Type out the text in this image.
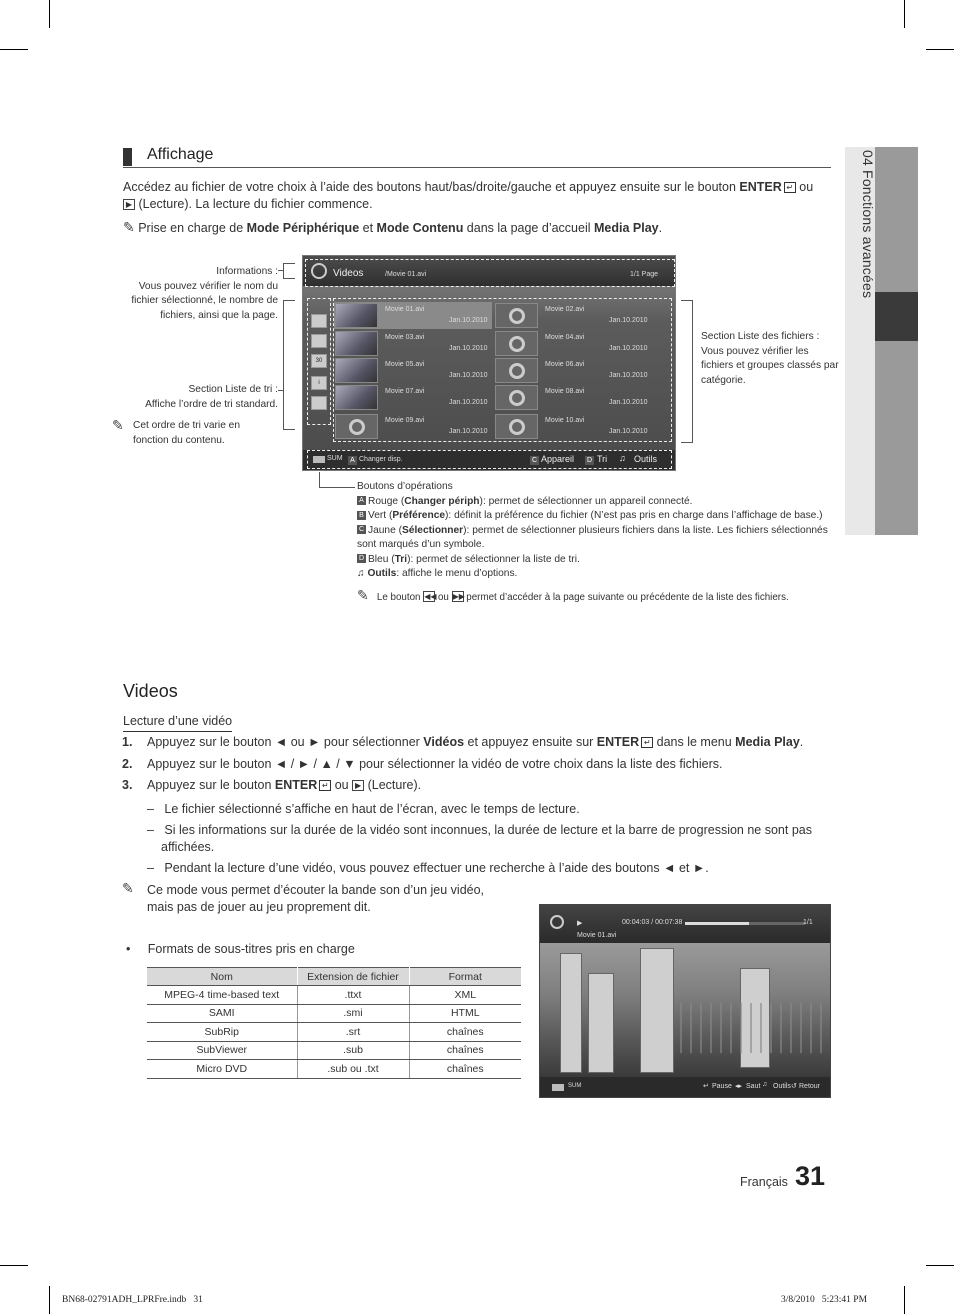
04 Fonctions avancées
Affichage
Accédez au fichier de votre choix à l’aide des boutons haut/bas/droite/gauche et appuyez ensuite sur le bouton ENTER ↵ ou
▶ (Lecture). La lecture du fichier commence.
✎ Prise en charge de Mode Périphérique et Mode Contenu dans la page d’accueil Media Play.
Informations :
Vous pouvez vérifier le nom du
fichier sélectionné, le nombre de
fichiers, ainsi que la page.
Section Liste de tri :
Affiche l’ordre de tri standard.
✎ Cet ordre de tri varie en
fonction du contenu.
Section Liste des fichiers :
Vous pouvez vérifier les
fichiers et groupes classés par
catégorie.
Videos	/Movie 01.avi	1/1 Page
30
i
Movie 01.avi
Jan.10.2010
Movie 03.avi
Jan.10.2010
Movie 05.avi
Jan.10.2010
Movie 07.avi
Jan.10.2010
Movie 09.avi
Jan.10.2010
Movie 02.avi
Jan.10.2010
Movie 04.avi
Jan.10.2010
Movie 06.avi
Jan.10.2010
Movie 08.avi
Jan.10.2010
Movie 10.avi
Jan.10.2010
SUM	A Changer disp.	C Appareil D Tri ♫ Outils
Boutons d’opérations
A Rouge (Changer périph): permet de sélectionner un appareil connecté.
B Vert (Préférence): définit la préférence du fichier (N’est pas pris en charge dans l’affichage de base.)
C Jaune (Sélectionner): permet de sélectionner plusieurs fichiers dans la liste. Les fichiers sélectionnés
sont marqués d’un symbole.
D Bleu (Tri): permet de sélectionner la liste de tri.
♫ Outils: affiche le menu d’options.
✎ Le bouton ◀◀ ou ▶▶ permet d’accéder à la page suivante ou précédente de la liste des fichiers.
Videos
Lecture d’une vidéo
1. Appuyez sur le bouton ◄ ou ► pour sélectionner Vidéos et appuyez ensuite sur ENTER ↵ dans le menu Media Play.
2. Appuyez sur le bouton ◄ / ► / ▲ / ▼ pour sélectionner la vidéo de votre choix dans la liste des fichiers.
3. Appuyez sur le bouton ENTER ↵ ou ▶ (Lecture).
–   Le fichier sélectionné s’affiche en haut de l’écran, avec le temps de lecture.
–   Si les informations sur la durée de la vidéo sont inconnues, la durée de lecture et la barre de progression ne sont pas
affichées.
–   Pendant la lecture d’une vidéo, vous pouvez effectuer une recherche à l’aide des boutons ◄ et ►.
✎ Ce mode vous permet d’écouter la bande son d’un jeu vidéo,
mais pas de jouer au jeu proprement dit.
•     Formats de sous-titres pris en charge
Nom	Extension de fichier	Format
MPEG-4 time-based text	.ttxt	XML
SAMI	.smi	HTML
SubRip	.srt	chaînes
SubViewer	.sub	chaînes
Micro DVD	.sub ou .txt	chaînes
▶	00:04:03 / 00:07:38	1/1
Movie 01.avi
SUM	↵ Pause ◂▸ Saut ♫ Outils ↺ Retour
Français 31
BN68-02791ADH_LPRFre.indb   31	3/8/2010   5:23:41 PM
